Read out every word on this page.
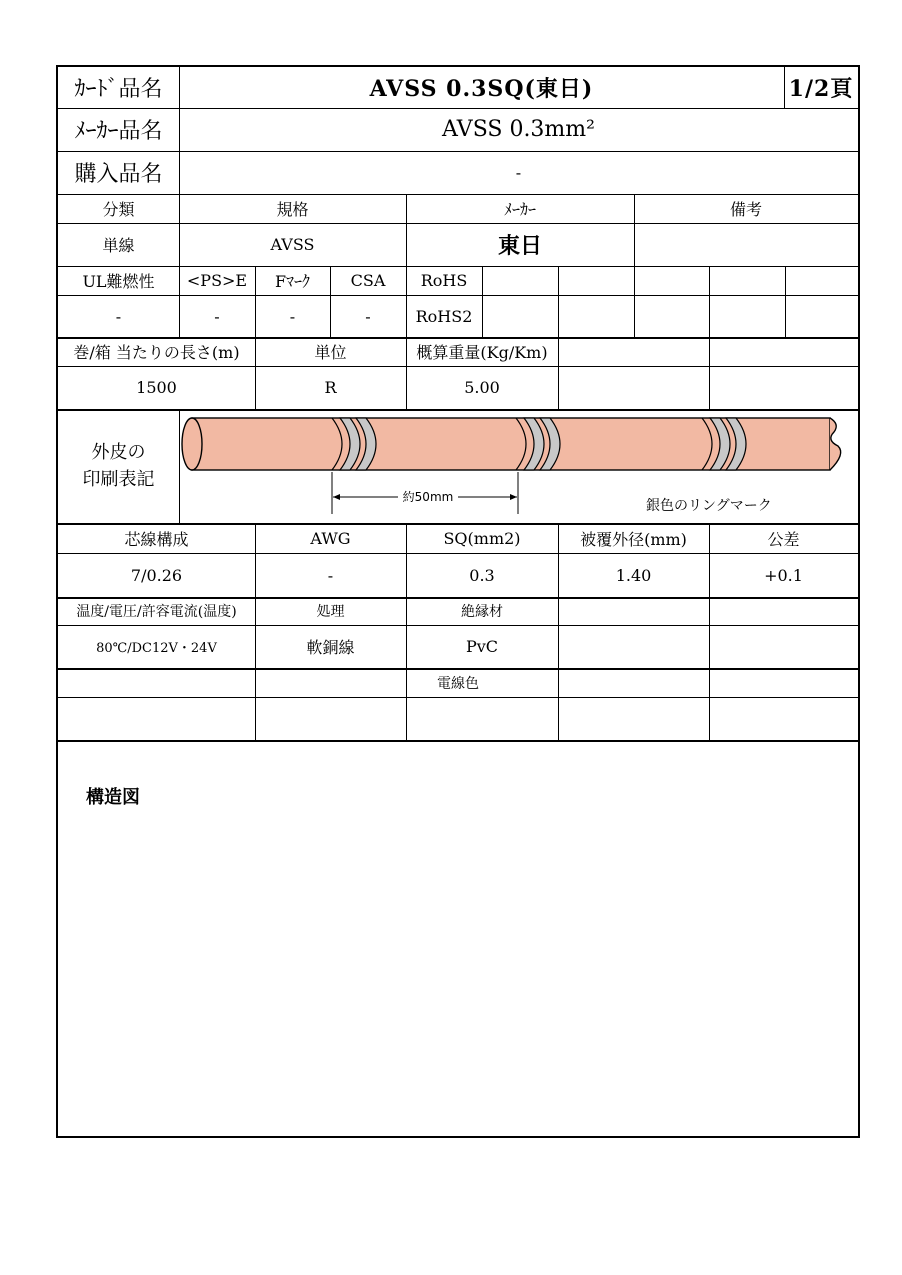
ｶｰﾄﾞ品名	AVSS 0.3SQ(東日)	1/2頁
ﾒｰｶｰ品名	AVSS 0.3mm²
購入品名	-
分類	規格	ﾒｰｶｰ	備考
単線	AVSS	東日
UL難燃性	<PS>E	Fﾏｰｸ	CSA	RoHS
-	-	-	-	RoHS2
巻/箱 当たりの長さ(m)	単位	概算重量(Kg/Km)
1500	R	5.00
外皮の
印刷表記
約50mm
銀色のリングマーク
芯線構成	AWG	SQ(mm2)	被覆外径(mm)	公差
7/0.26	-	0.3	1.40	+0.1
温度/電圧/許容電流(温度)	処理	絶縁材
80℃/DC12V・24V	軟銅線	PvC
電線色
構造図
